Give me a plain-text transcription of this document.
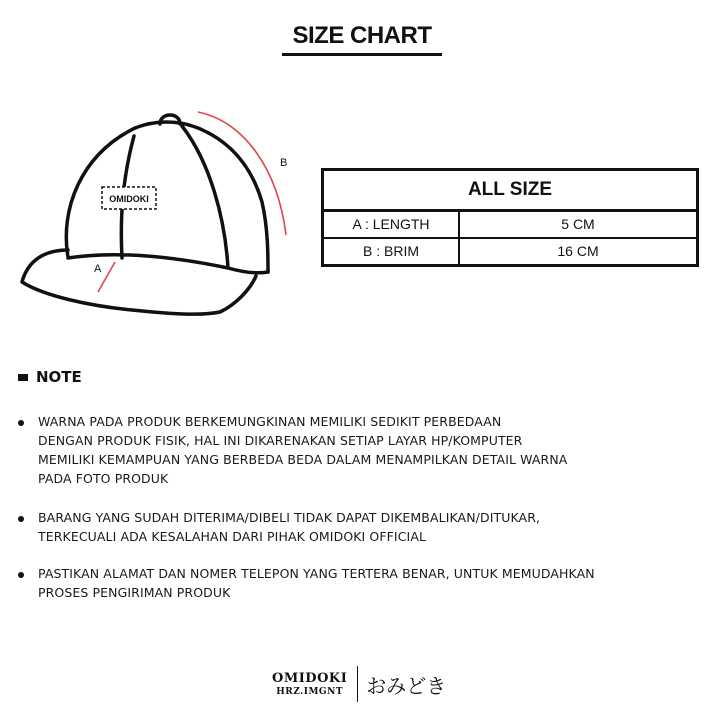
SIZE CHART
OMIDOKI
B
A
ALL SIZE
A : LENGTH	5 CM
B : BRIM	16 CM
NOTE
WARNA PADA PRODUK BERKEMUNGKINAN MEMILIKI SEDIKIT PERBEDAAN
DENGAN PRODUK FISIK, HAL INI DIKARENAKAN SETIAP LAYAR HP/KOMPUTER
MEMILIKI KEMAMPUAN YANG BERBEDA BEDA DALAM MENAMPILKAN DETAIL WARNA
PADA FOTO PRODUK
BARANG YANG SUDAH DITERIMA/DIBELI TIDAK DAPAT DIKEMBALIKAN/DITUKAR,
TERKECUALI ADA KESALAHAN DARI PIHAK OMIDOKI OFFICIAL
PASTIKAN ALAMAT DAN NOMER TELEPON YANG TERTERA BENAR, UNTUK MEMUDAHKAN
PROSES PENGIRIMAN PRODUK
OMIDOKI
HRZ.IMGNT おみどき
